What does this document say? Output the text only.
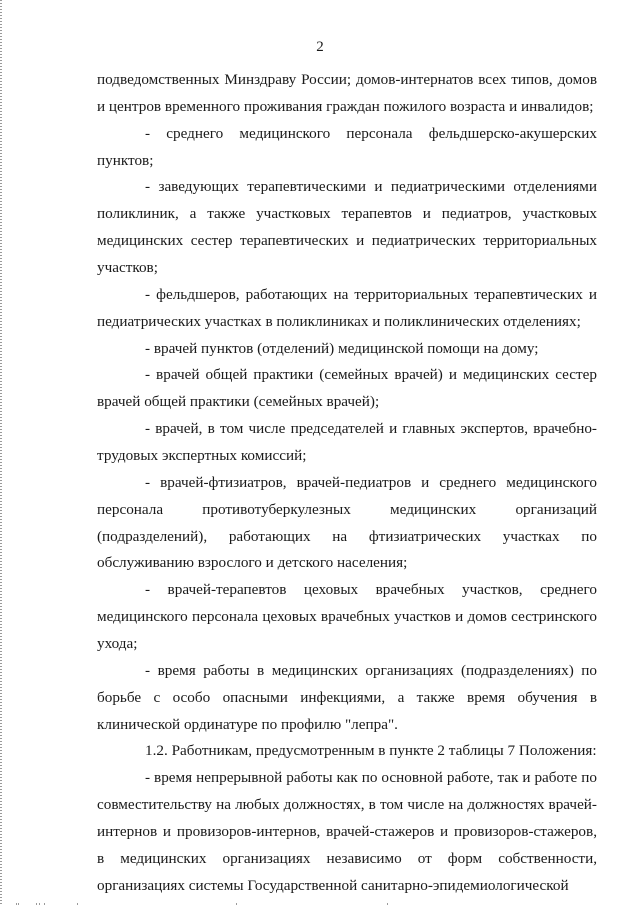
2

подведомственных Минздраву России; домов-интернатов всех типов, домов и центров временного проживания граждан пожилого возраста и инвалидов;

- среднего медицинского персонала фельдшерско-акушерских пунктов;

- заведующих терапевтическими и педиатрическими отделениями поликлиник, а также участковых терапевтов и педиатров, участковых медицинских сестер терапевтических и педиатрических территориальных участков;

- фельдшеров, работающих на территориальных терапевтических и педиатрических участках в поликлиниках и поликлинических отделениях;

- врачей пунктов (отделений) медицинской помощи на дому;

- врачей общей практики (семейных врачей) и медицинских сестер врачей общей практики (семейных врачей);

- врачей, в том числе председателей и главных экспертов, врачебно-трудовых экспертных комиссий;

- врачей-фтизиатров, врачей-педиатров и среднего медицинского персонала противотуберкулезных медицинских организаций (подразделений), работающих на фтизиатрических участках по обслуживанию взрослого и детского населения;

- врачей-терапевтов цеховых врачебных участков, среднего медицинского персонала цеховых врачебных участков и домов сестринского ухода;

- время работы в медицинских организациях (подразделениях) по борьбе с особо опасными инфекциями, а также время обучения в клинической ординатуре по профилю "лепра".

1.2. Работникам, предусмотренным в пункте 2 таблицы 7 Положения:

- время непрерывной работы как по основной работе, так и работе по совместительству на любых должностях, в том числе на должностях врачей-интернов и провизоров-интернов, врачей-стажеров и провизоров-стажеров, в медицинских организациях независимо от форм собственности, организациях системы Государственной санитарно-эпидемиологической
